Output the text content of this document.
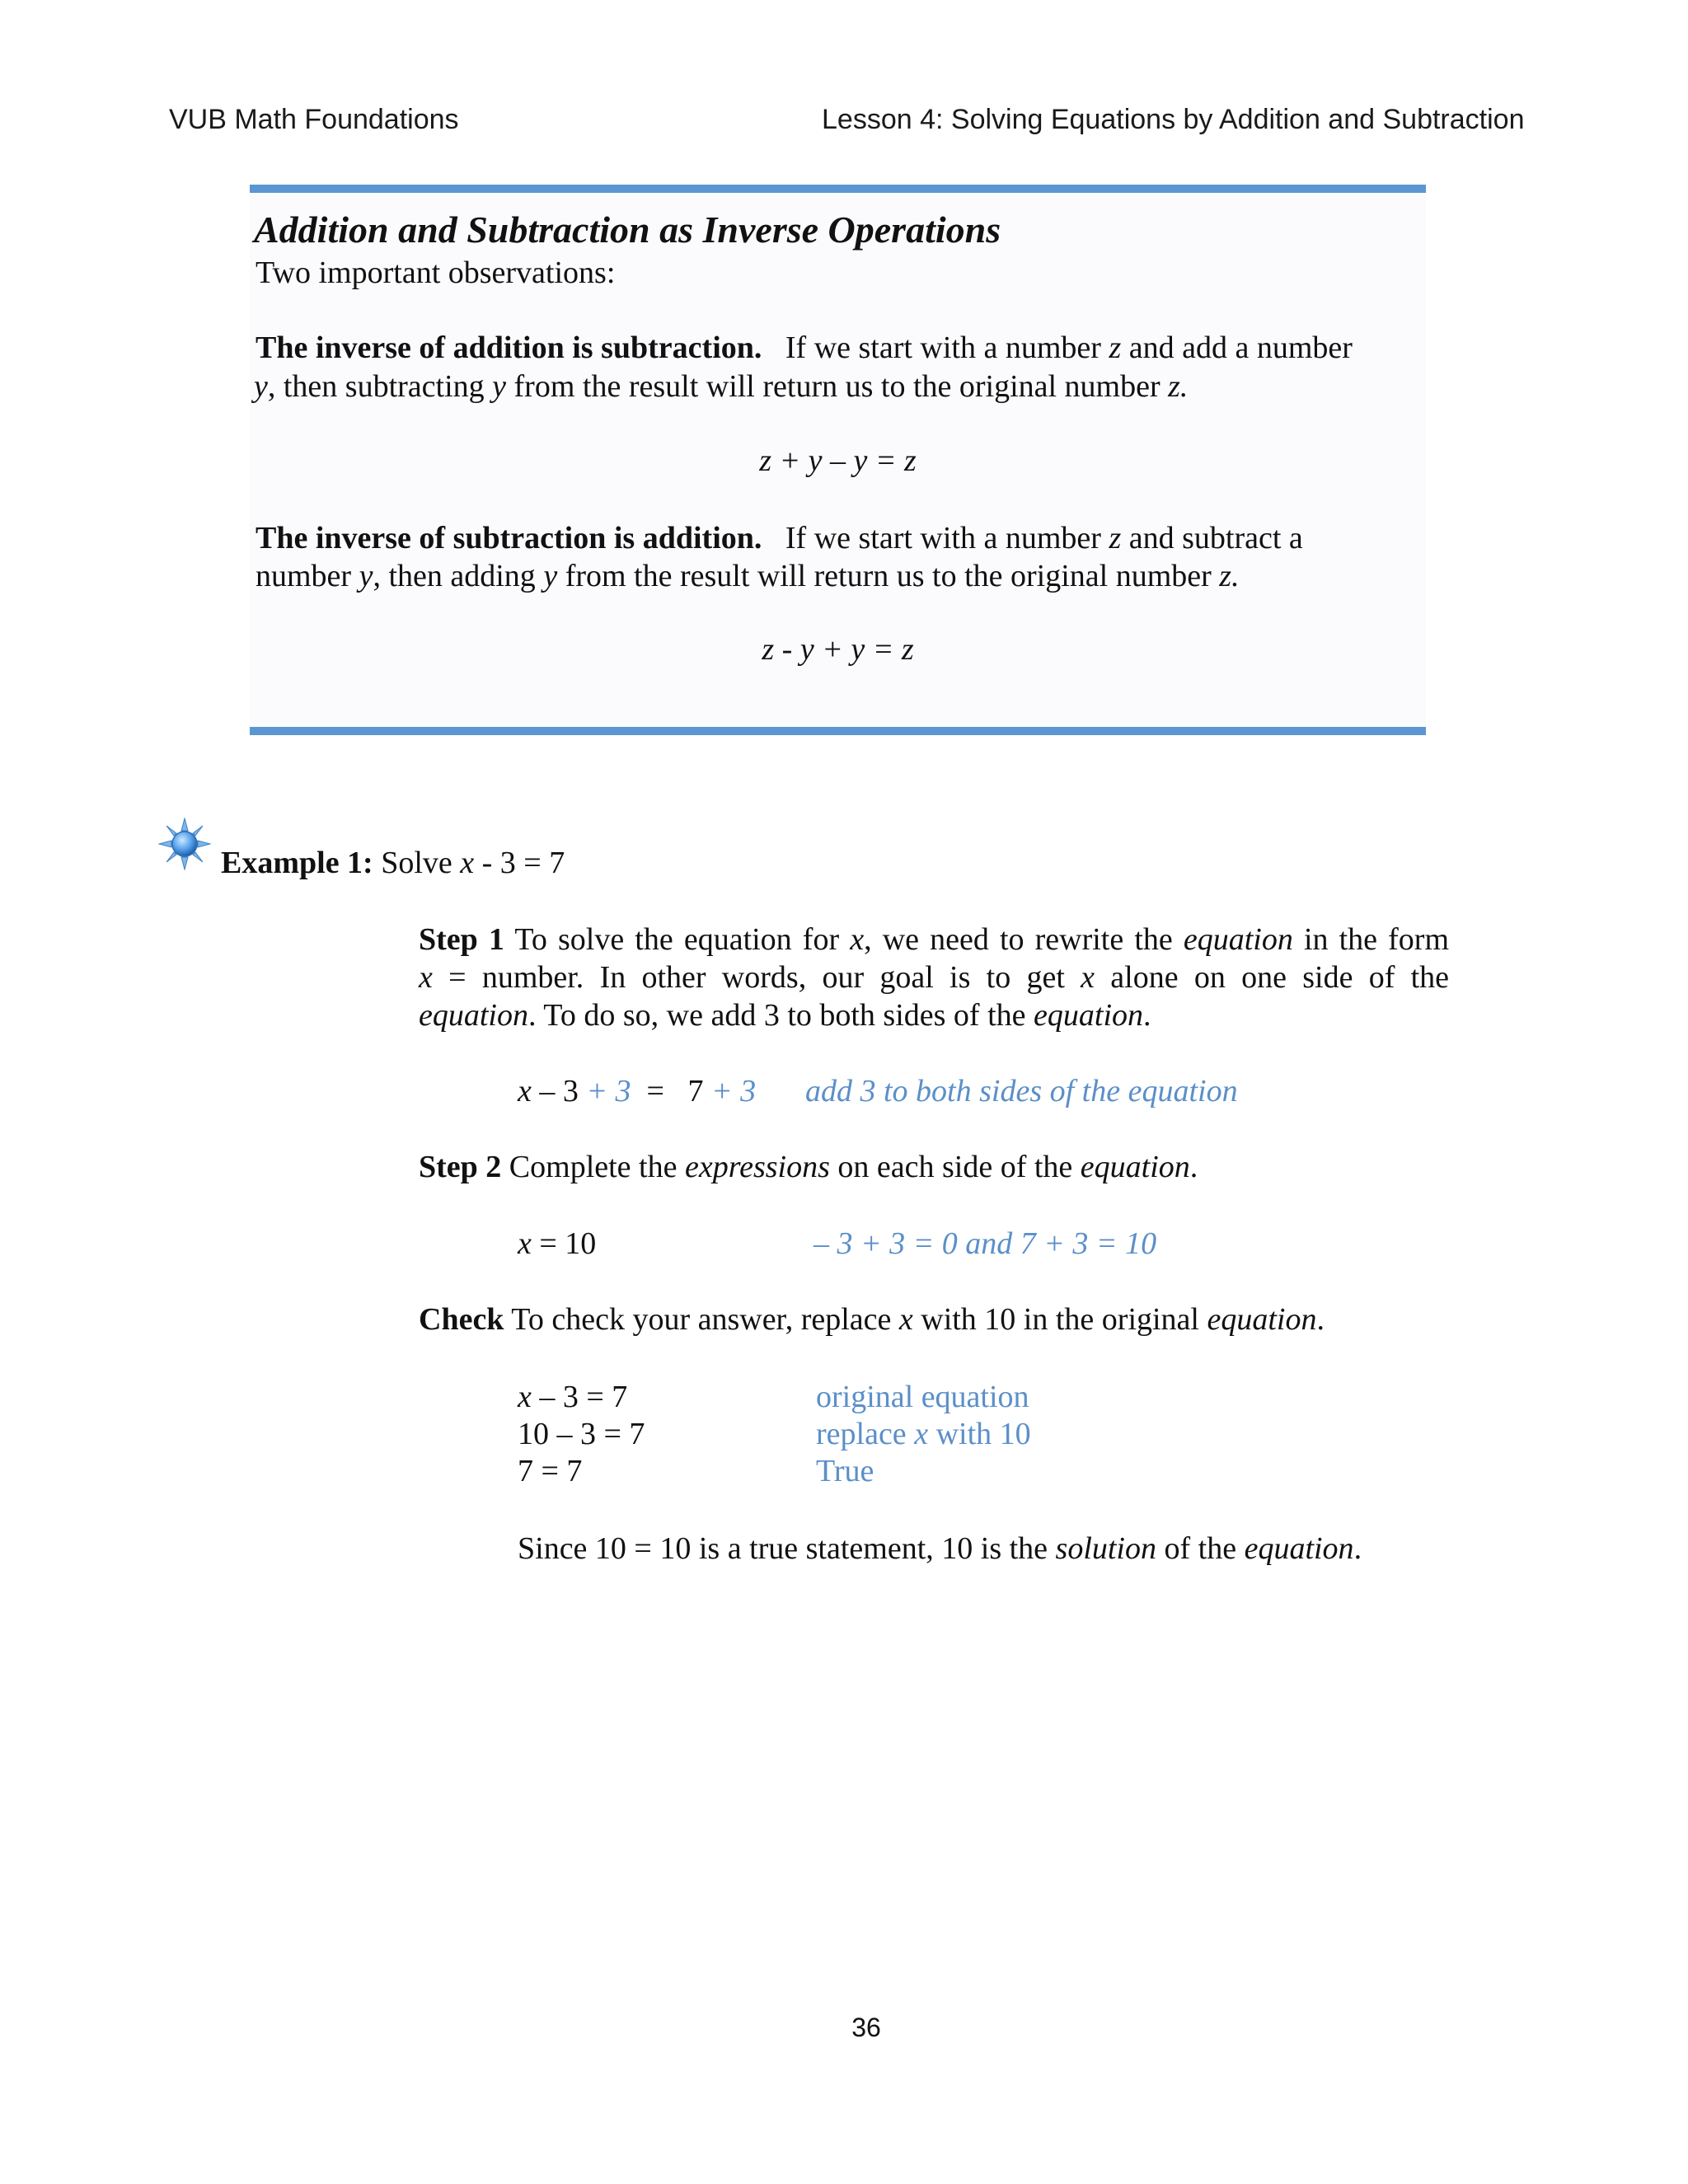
VUB Math Foundations	Lesson 4: Solving Equations by Addition and Subtraction
Addition and Subtraction as Inverse Operations
Two important observations:
The inverse of addition is subtraction. If we start with a number z and add a number
y, then subtracting y from the result will return us to the original number z.
z + y – y = z
The inverse of subtraction is addition. If we start with a number z and subtract a
number y, then adding y from the result will return us to the original number z.
z - y + y = z
Example 1: Solve x - 3 = 7
Step 1 To solve the equation for x, we need to rewrite the equation in the form
x = number. In other words, our goal is to get x alone on one side of the
equation. To do so, we add 3 to both sides of the equation.
x – 3 + 3 = 7 + 3 add 3 to both sides of the equation
Step 2 Complete the expressions on each side of the equation.
x = 10	– 3 + 3 = 0 and 7 + 3 = 10
Check To check your answer, replace x with 10 in the original equation.
x – 3 = 7	original equation
10 – 3 = 7	replace x with 10
7 = 7	True
Since 10 = 10 is a true statement, 10 is the solution of the equation.
36
